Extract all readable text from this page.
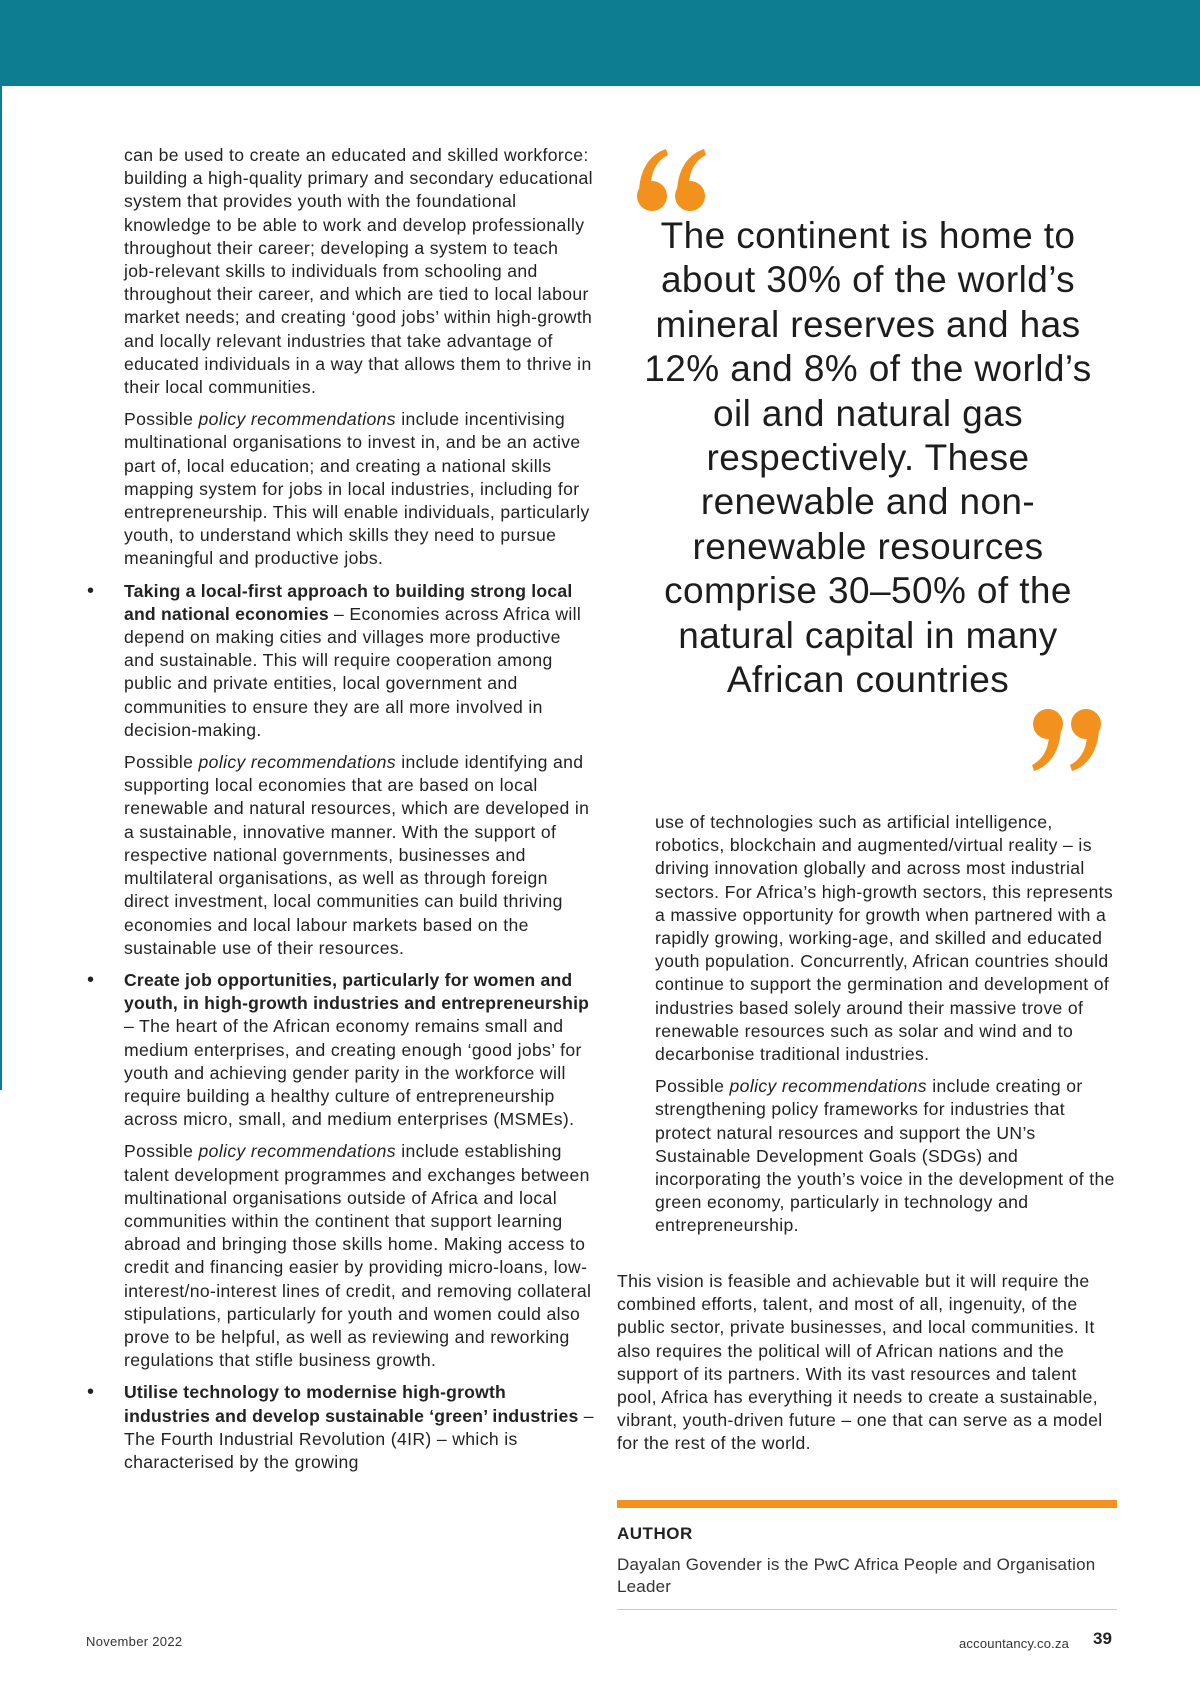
can be used to create an educated and skilled workforce: building a high-quality primary and secondary educational system that provides youth with the foundational knowledge to be able to work and develop professionally throughout their career; developing a system to teach job-relevant skills to individuals from schooling and throughout their career, and which are tied to local labour market needs; and creating ‘good jobs’ within high-growth and locally relevant industries that take advantage of educated individuals in a way that allows them to thrive in their local communities.

Possible policy recommendations include incentivising multinational organisations to invest in, and be an active part of, local education; and creating a national skills mapping system for jobs in local industries, including for entrepreneurship. This will enable individuals, particularly youth, to understand which skills they need to pursue meaningful and productive jobs.

• Taking a local-first approach to building strong local and national economies – Economies across Africa will depend on making cities and villages more productive and sustainable. This will require cooperation among public and private entities, local government and communities to ensure they are all more involved in decision-making.

Possible policy recommendations include identifying and supporting local economies that are based on local renewable and natural resources, which are developed in a sustainable, innovative manner. With the support of respective national governments, businesses and multilateral organisations, as well as through foreign direct investment, local communities can build thriving economies and local labour markets based on the sustainable use of their resources.

• Create job opportunities, particularly for women and youth, in high-growth industries and entrepreneurship – The heart of the African economy remains small and medium enterprises, and creating enough ‘good jobs’ for youth and achieving gender parity in the workforce will require building a healthy culture of entrepreneurship across micro, small, and medium enterprises (MSMEs).

Possible policy recommendations include establishing talent development programmes and exchanges between multinational organisations outside of Africa and local communities within the continent that support learning abroad and bringing those skills home. Making access to credit and financing easier by providing micro-loans, low-interest/no-interest lines of credit, and removing collateral stipulations, particularly for youth and women could also prove to be helpful, as well as reviewing and reworking regulations that stifle business growth.

• Utilise technology to modernise high-growth industries and develop sustainable ‘green’ industries – The Fourth Industrial Revolution (4IR) – which is characterised by the growing
The continent is home to about 30% of the world’s mineral reserves and has 12% and 8% of the world’s oil and natural gas respectively. These renewable and non-renewable resources comprise 30–50% of the natural capital in many African countries

use of technologies such as artificial intelligence, robotics, blockchain and augmented/virtual reality – is driving innovation globally and across most industrial sectors. For Africa’s high-growth sectors, this represents a massive opportunity for growth when partnered with a rapidly growing, working-age, and skilled and educated youth population. Concurrently, African countries should continue to support the germination and development of industries based solely around their massive trove of renewable resources such as solar and wind and to decarbonise traditional industries.

Possible policy recommendations include creating or strengthening policy frameworks for industries that protect natural resources and support the UN’s Sustainable Development Goals (SDGs) and incorporating the youth’s voice in the development of the green economy, particularly in technology and entrepreneurship.

This vision is feasible and achievable but it will require the combined efforts, talent, and most of all, ingenuity, of the public sector, private businesses, and local communities. It also requires the political will of African nations and the support of its partners. With its vast resources and talent pool, Africa has everything it needs to create a sustainable, vibrant, youth-driven future – one that can serve as a model for the rest of the world.

AUTHOR
Dayalan Govender is the PwC Africa People and Organisation Leader
November 2022	accountancy.co.za 39
